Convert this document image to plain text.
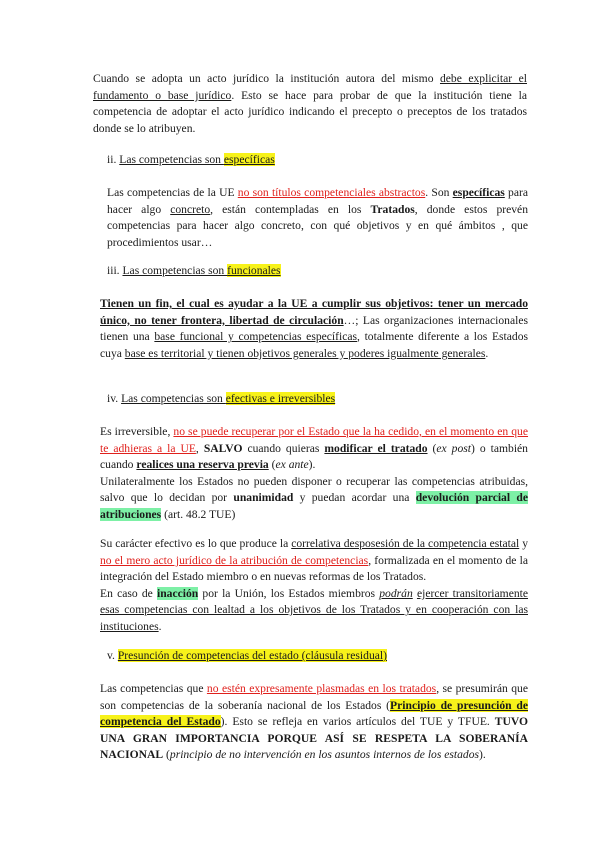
Cuando se adopta un acto jurídico la institución autora del mismo debe explicitar el fundamento o base jurídico. Esto se hace para probar de que la institución tiene la competencia de adoptar el acto jurídico indicando el precepto o preceptos de los tratados donde se lo atribuyen.

ii. Las competencias son específicas

Las competencias de la UE no son títulos competenciales abstractos. Son específicas para hacer algo concreto, están contempladas en los Tratados, donde estos prevén competencias para hacer algo concreto, con qué objetivos y en qué ámbitos , que procedimientos usar…

iii. Las competencias son funcionales

Tienen un fin, el cual es ayudar a la UE a cumplir sus objetivos: tener un mercado único, no tener frontera, libertad de circulación…; Las organizaciones internacionales tienen una base funcional y competencias específicas, totalmente diferente a los Estados cuya base es territorial y tienen objetivos generales y poderes igualmente generales.

iv. Las competencias son efectivas e irreversibles

Es irreversible, no se puede recuperar por el Estado que la ha cedido, en el momento en que te adhieras a la UE, SALVO cuando quieras modificar el tratado (ex post) o también cuando realices una reserva previa (ex ante).
Unilateralmente los Estados no pueden disponer o recuperar las competencias atribuidas, salvo que lo decidan por unanimidad y puedan acordar una devolución parcial de atribuciones (art. 48.2 TUE)
Su carácter efectivo es lo que produce la correlativa desposesión de la competencia estatal y no el mero acto jurídico de la atribución de competencias, formalizada en el momento de la integración del Estado miembro o en nuevas reformas de los Tratados.
En caso de inacción por la Unión, los Estados miembros podrán ejercer transitoriamente esas competencias con lealtad a los objetivos de los Tratados y en cooperación con las instituciones.

v. Presunción de competencias del estado (cláusula residual)

Las competencias que no estén expresamente plasmadas en los tratados, se presumirán que son competencias de la soberanía nacional de los Estados (Principio de presunción de competencia del Estado). Esto se refleja en varios artículos del TUE y TFUE. TUVO UNA GRAN IMPORTANCIA PORQUE ASÍ SE RESPETA LA SOBERANÍA NACIONAL (principio de no intervención en los asuntos internos de los estados).
